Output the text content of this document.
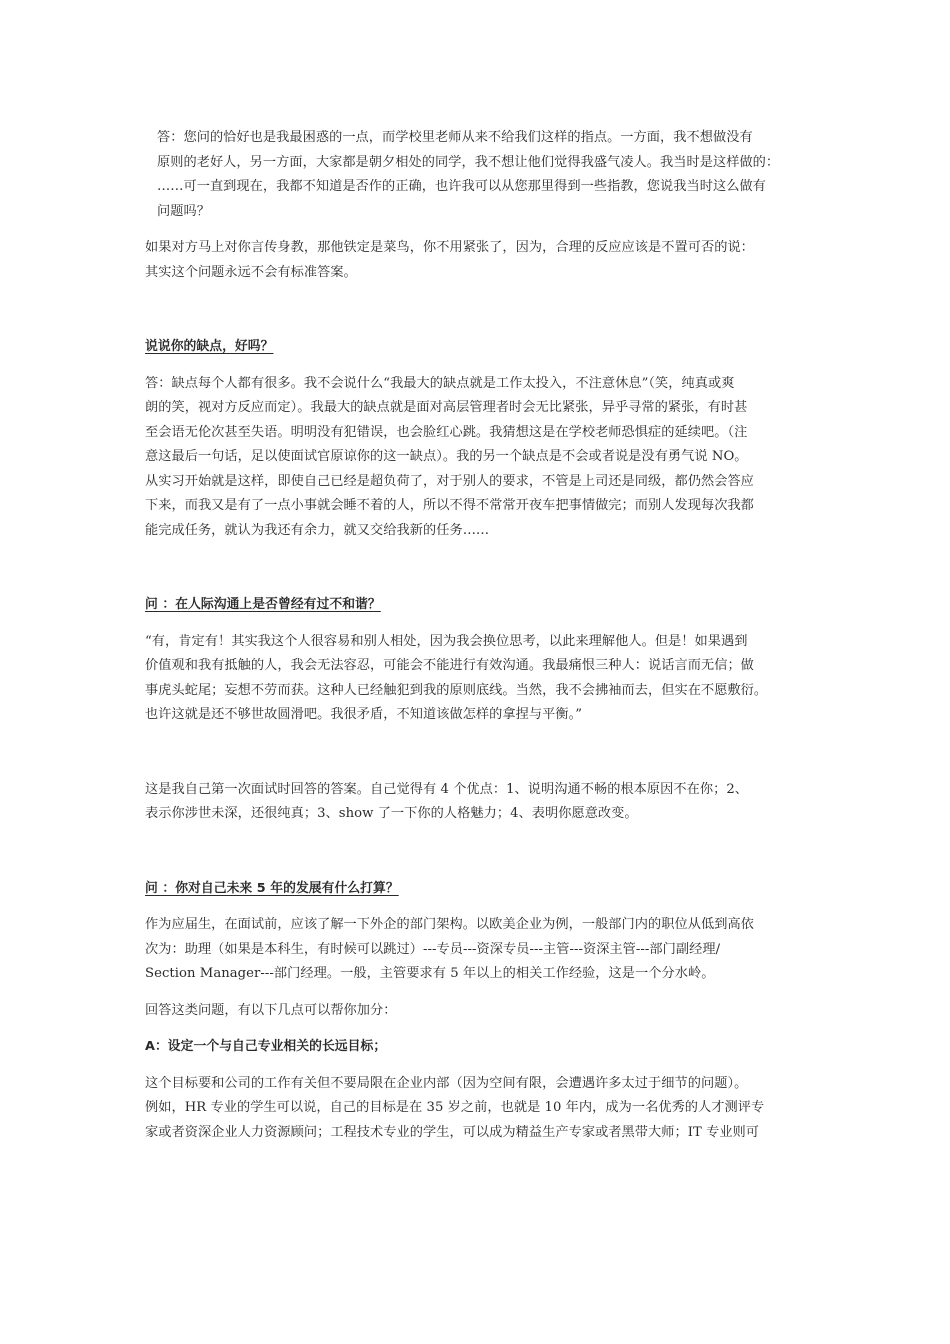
答：您问的恰好也是我最困惑的一点，而学校里老师从来不给我们这样的指点。一方面，我不想做没有
原则的老好人，另一方面，大家都是朝夕相处的同学，我不想让他们觉得我盛气凌人。我当时是这样做的：
……可一直到现在，我都不知道是否作的正确，也许我可以从您那里得到一些指教，您说我当时这么做有
问题吗？

如果对方马上对你言传身教，那他铁定是菜鸟，你不用紧张了，因为，合理的反应应该是不置可否的说：
其实这个问题永远不会有标准答案。

说说你的缺点，好吗？

答：缺点每个人都有很多。我不会说什么“我最大的缺点就是工作太投入，不注意休息”（笑，纯真或爽
朗的笑，视对方反应而定）。我最大的缺点就是面对高层管理者时会无比紧张，异乎寻常的紧张，有时甚
至会语无伦次甚至失语。明明没有犯错误，也会脸红心跳。我猜想这是在学校老师恐惧症的延续吧。（注
意这最后一句话，足以使面试官原谅你的这一缺点）。我的另一个缺点是不会或者说是没有勇气说 NO。
从实习开始就是这样，即使自己已经是超负荷了，对于别人的要求，不管是上司还是同级，都仍然会答应
下来，而我又是有了一点小事就会睡不着的人，所以不得不常常开夜车把事情做完；而别人发现每次我都
能完成任务，就认为我还有余力，就又交给我新的任务……

问 ：在人际沟通上是否曾经有过不和谐？

“有，肯定有！其实我这个人很容易和别人相处，因为我会换位思考，以此来理解他人。但是！如果遇到
价值观和我有抵触的人，我会无法容忍，可能会不能进行有效沟通。我最痛恨三种人：说话言而无信；做
事虎头蛇尾；妄想不劳而获。这种人已经触犯到我的原则底线。当然，我不会拂袖而去，但实在不愿敷衍。
也许这就是还不够世故圆滑吧。我很矛盾，不知道该做怎样的拿捏与平衡。”

这是我自己第一次面试时回答的答案。自己觉得有 4 个优点：1、说明沟通不畅的根本原因不在你；2、
表示你涉世未深，还很纯真；3、show 了一下你的人格魅力；4、表明你愿意改变。

问 ：你对自己未来 5 年的发展有什么打算？

作为应届生，在面试前，应该了解一下外企的部门架构。以欧美企业为例，一般部门内的职位从低到高依
次为：助理（如果是本科生，有时候可以跳过）---专员---资深专员---主管---资深主管---部门副经理/
Section Manager---部门经理。一般，主管要求有 5 年以上的相关工作经验，这是一个分水岭。

回答这类问题，有以下几点可以帮你加分：

A：设定一个与自己专业相关的长远目标；

这个目标要和公司的工作有关但不要局限在企业内部（因为空间有限，会遭遇许多太过于细节的问题）。
例如，HR 专业的学生可以说，自己的目标是在 35 岁之前，也就是 10 年内，成为一名优秀的人才测评专
家或者资深企业人力资源顾问；工程技术专业的学生，可以成为精益生产专家或者黑带大师；IT 专业则可
